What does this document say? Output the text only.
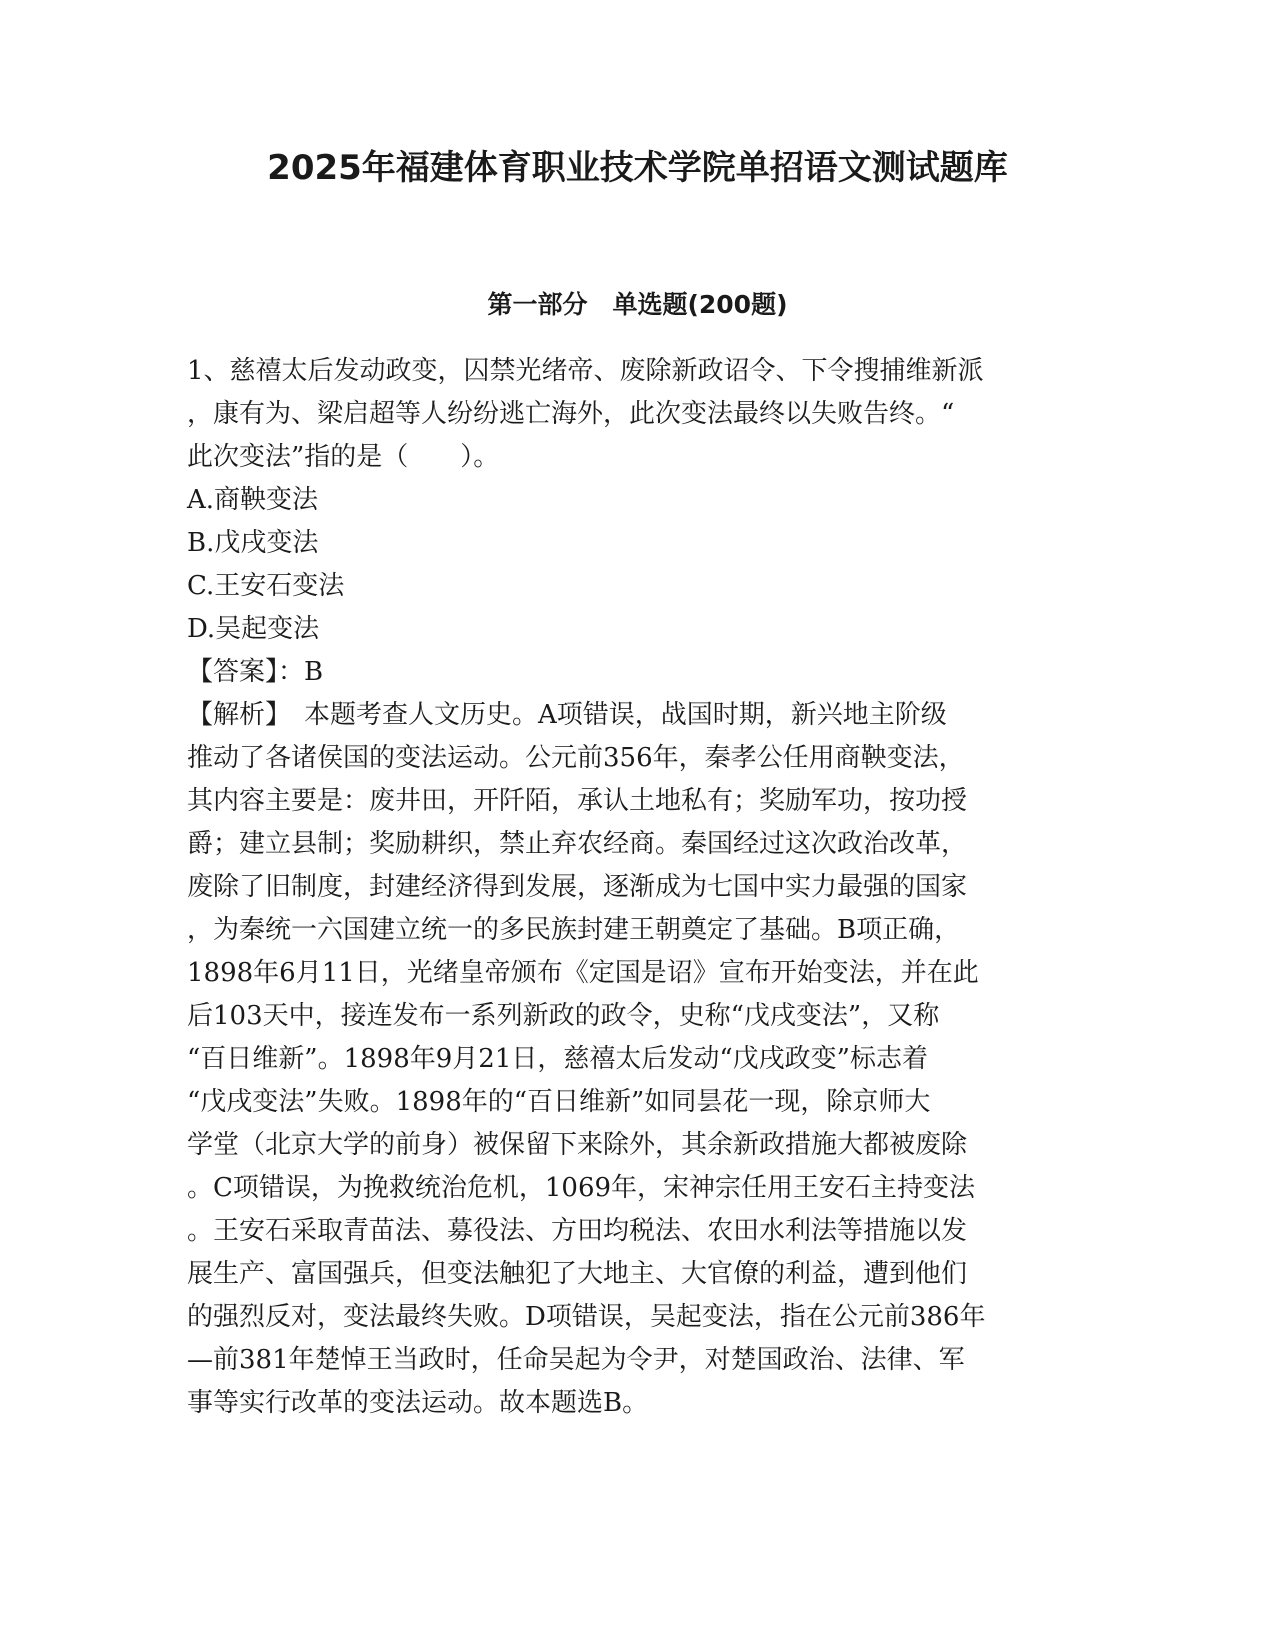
2025年福建体育职业技术学院单招语文测试题库
第一部分　单选题(200题)
1、慈禧太后发动政变，囚禁光绪帝、废除新政诏令、下令搜捕维新派
，康有为、梁启超等人纷纷逃亡海外，此次变法最终以失败告终。“
此次变法”指的是（　　）。
A.商鞅变法
B.戊戌变法
C.王安石变法
D.吴起变法
【答案】：B
【解析】　本题考查人文历史。A项错误，战国时期，新兴地主阶级
推动了各诸侯国的变法运动。公元前356年，秦孝公任用商鞅变法，
其内容主要是：废井田，开阡陌，承认土地私有；奖励军功，按功授
爵；建立县制；奖励耕织，禁止弃农经商。秦国经过这次政治改革，
废除了旧制度，封建经济得到发展，逐渐成为七国中实力最强的国家
，为秦统一六国建立统一的多民族封建王朝奠定了基础。B项正确，
1898年6月11日，光绪皇帝颁布《定国是诏》宣布开始变法，并在此
后103天中，接连发布一系列新政的政令，史称“戊戌变法”，又称
“百日维新”。1898年9月21日，慈禧太后发动“戊戌政变”标志着
“戊戌变法”失败。1898年的“百日维新”如同昙花一现，除京师大
学堂（北京大学的前身）被保留下来除外，其余新政措施大都被废除
。C项错误，为挽救统治危机，1069年，宋神宗任用王安石主持变法
。王安石采取青苗法、募役法、方田均税法、农田水利法等措施以发
展生产、富国强兵，但变法触犯了大地主、大官僚的利益，遭到他们
的强烈反对，变法最终失败。D项错误，吴起变法，指在公元前386年
—前381年楚悼王当政时，任命吴起为令尹，对楚国政治、法律、军
事等实行改革的变法运动。故本题选B。
